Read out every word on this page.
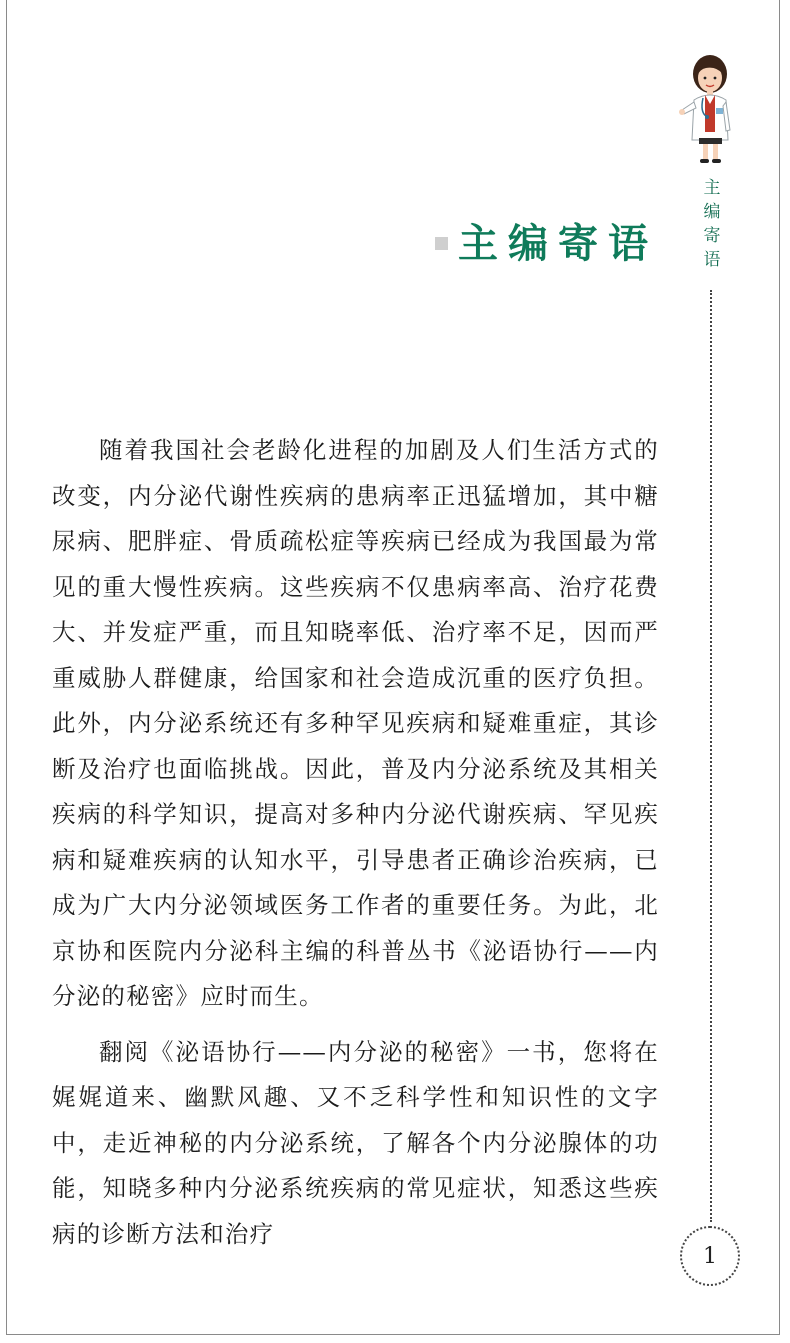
主编寄语

随着我国社会老龄化进程的加剧及人们生活方式的改变，内分泌代谢性疾病的患病率正迅猛增加，其中糖尿病、肥胖症、骨质疏松症等疾病已经成为我国最为常见的重大慢性疾病。这些疾病不仅患病率高、治疗花费大、并发症严重，而且知晓率低、治疗率不足，因而严重威胁人群健康，给国家和社会造成沉重的医疗负担。此外，内分泌系统还有多种罕见疾病和疑难重症，其诊断及治疗也面临挑战。因此，普及内分泌系统及其相关疾病的科学知识，提高对多种内分泌代谢疾病、罕见疾病和疑难疾病的认知水平，引导患者正确诊治疾病，已成为广大内分泌领域医务工作者的重要任务。为此，北京协和医院内分泌科主编的科普丛书《泌语协行——内分泌的秘密》应时而生。

翻阅《泌语协行——内分泌的秘密》一书，您将在娓娓道来、幽默风趣、又不乏科学性和知识性的文字中，走近神秘的内分泌系统，了解各个内分泌腺体的功能，知晓多种内分泌系统疾病的常见症状，知悉这些疾病的诊断方法和治疗

主编寄语
1
